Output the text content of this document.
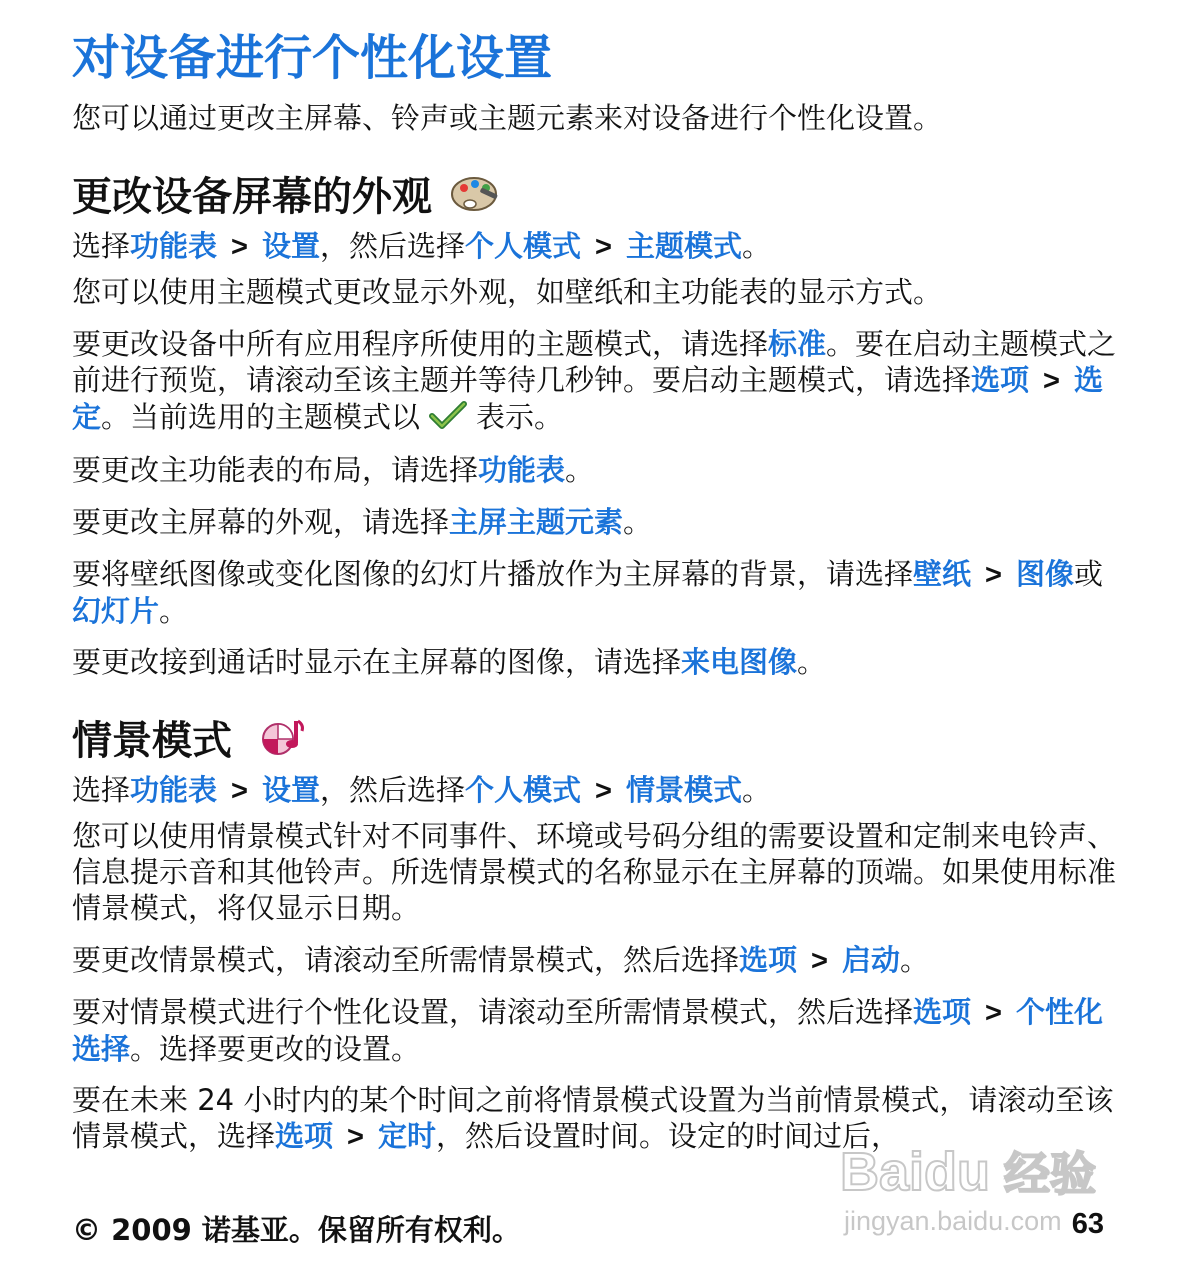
对设备进行个性化设置

您可以通过更改主屏幕、铃声或主题元素来对设备进行个性化设置。

更改设备屏幕的外观

选择功能表 > 设置，然后选择个人模式 > 主题模式。

您可以使用主题模式更改显示外观，如壁纸和主功能表的显示方式。

要更改设备中所有应用程序所使用的主题模式，请选择标准。要在启动主题模式之前进行预览，请滚动至该主题并等待几秒钟。要启动主题模式，请选择选项 > 选定。当前选用的主题模式以 表示。

要更改主功能表的布局，请选择功能表。

要更改主屏幕的外观，请选择主屏主题元素。

要将壁纸图像或变化图像的幻灯片播放作为主屏幕的背景，请选择壁纸 > 图像或幻灯片。

要更改接到通话时显示在主屏幕的图像，请选择来电图像。

情景模式

选择功能表 > 设置，然后选择个人模式 > 情景模式。

您可以使用情景模式针对不同事件、环境或号码分组的需要设置和定制来电铃声、信息提示音和其他铃声。所选情景模式的名称显示在主屏幕的顶端。如果使用标准情景模式，将仅显示日期。

要更改情景模式，请滚动至所需情景模式，然后选择选项 > 启动。

要对情景模式进行个性化设置，请滚动至所需情景模式，然后选择选项 > 个性化选择。选择要更改的设置。

要在未来 24 小时内的某个时间之前将情景模式设置为当前情景模式，请滚动至该情景模式，选择选项 > 定时，然后设置时间。设定的时间过后，

Baidu 经验
jingyan.baidu.com

© 2009 诺基亚。保留所有权利。	63
